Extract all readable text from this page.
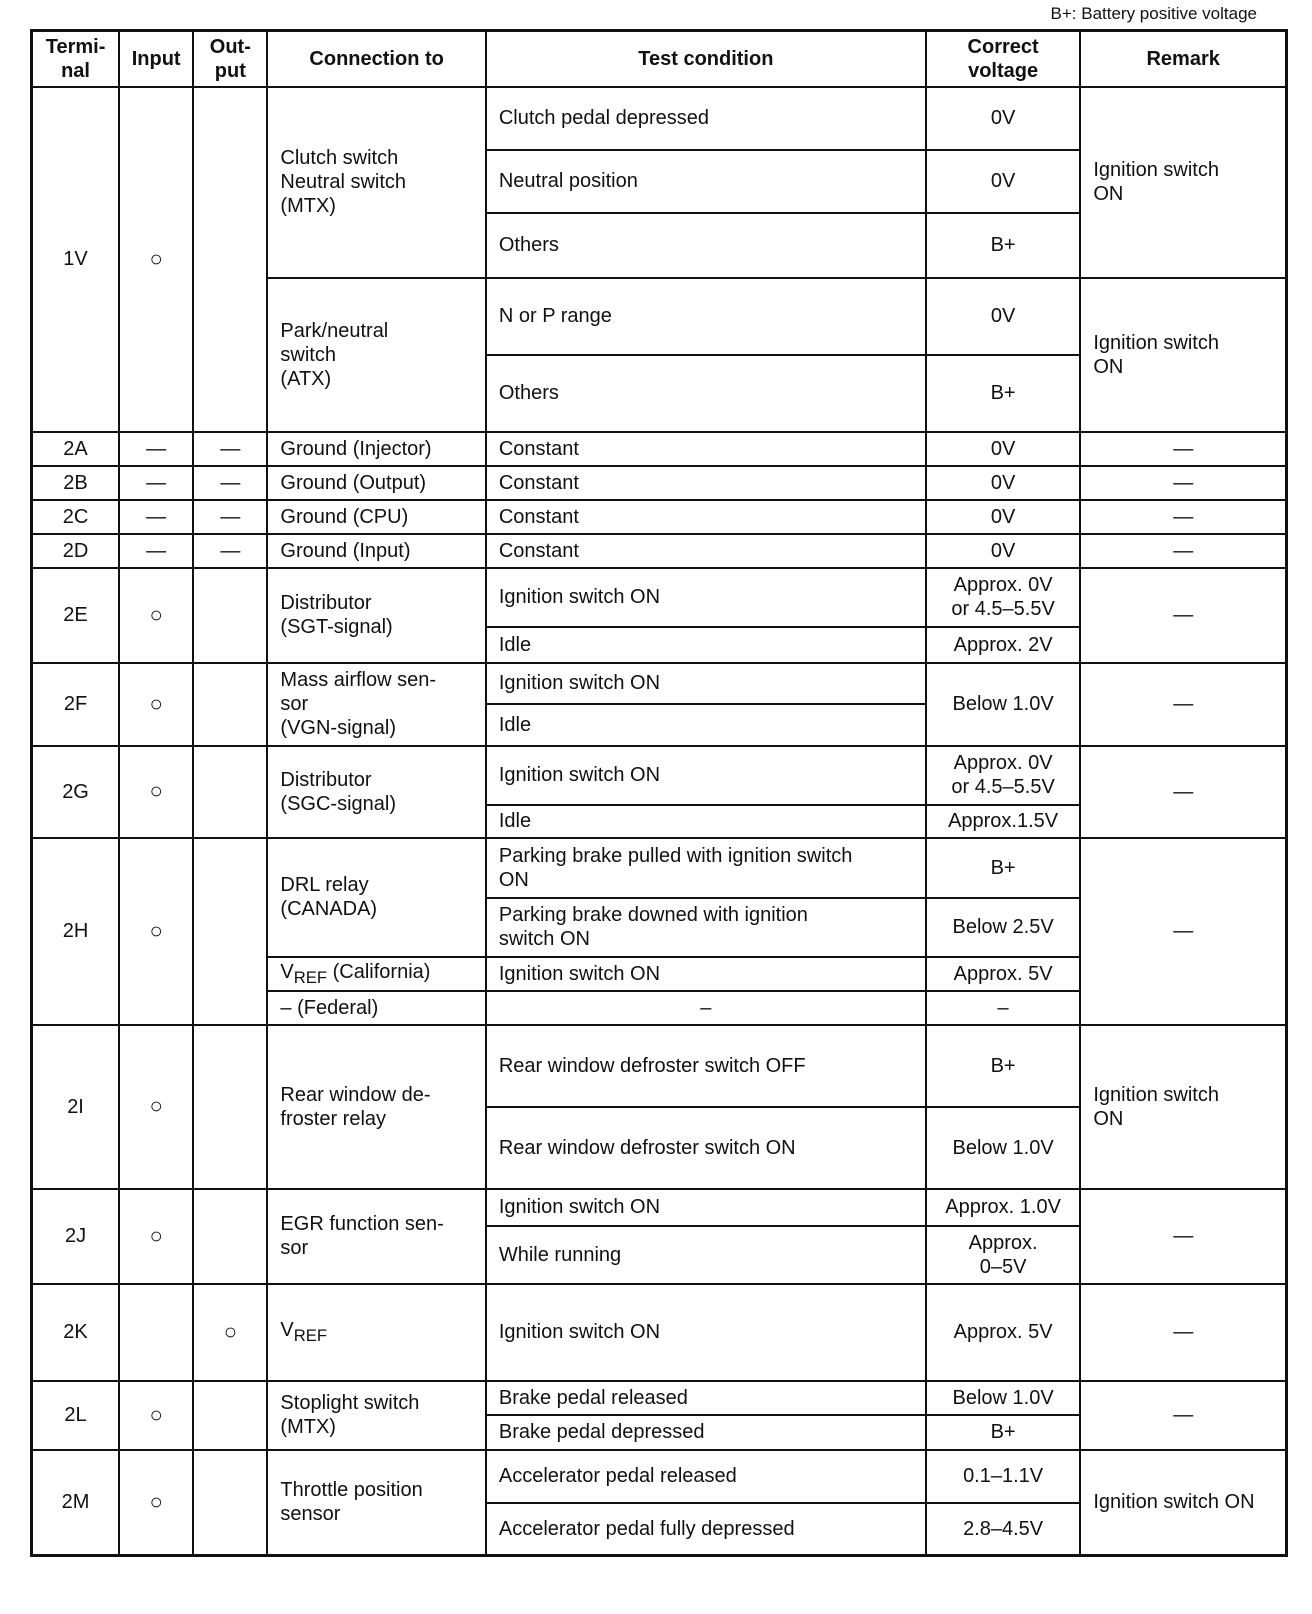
B+: Battery positive voltage
Termi-
nal	Input	Out-
put	Connection to	Test condition	Correct
voltage	Remark
1V	○		Clutch switch
Neutral switch
(MTX)	Clutch pedal depressed	0V	Ignition switch
ON
				Neutral position	0V	
				Others	B+	
			Park/neutral
switch
(ATX)	N or P range	0V	Ignition switch
ON
				Others	B+	
2A	—	—	Ground (Injector)	Constant	0V	—
2B	—	—	Ground (Output)	Constant	0V	—
2C	—	—	Ground (CPU)	Constant	0V	—
2D	—	—	Ground (Input)	Constant	0V	—
2E	○		Distributor
(SGT-signal)	Ignition switch ON	Approx. 0V
or 4.5–5.5V	—
				Idle	Approx. 2V	
2F	○		Mass airflow sen-
sor
(VGN-signal)	Ignition switch ON	Below 1.0V	—
				Idle		
2G	○		Distributor
(SGC-signal)	Ignition switch ON	Approx. 0V
or 4.5–5.5V	—
				Idle	Approx.1.5V	
2H	○		DRL relay
(CANADA)	Parking brake pulled with ignition switch
ON	B+	—
				Parking brake downed with ignition
switch ON	Below 2.5V	
			$V_{REF}$ (California)	Ignition switch ON	Approx. 5V	
			– (Federal)	–	–	
2I	○		Rear window de-
froster relay	Rear window defroster switch OFF	B+	Ignition switch
ON
				Rear window defroster switch ON	Below 1.0V	
2J	○		EGR function sen-
sor	Ignition switch ON	Approx. 1.0V	—
				While running	Approx.
0–5V	
2K		○	$V_{REF}$	Ignition switch ON	Approx. 5V	—
2L	○		Stoplight switch
(MTX)	Brake pedal released	Below 1.0V	—
				Brake pedal depressed	B+	
2M	○		Throttle position
sensor	Accelerator pedal released	0.1–1.1V	Ignition switch ON
				Accelerator pedal fully depressed	2.8–4.5V	
